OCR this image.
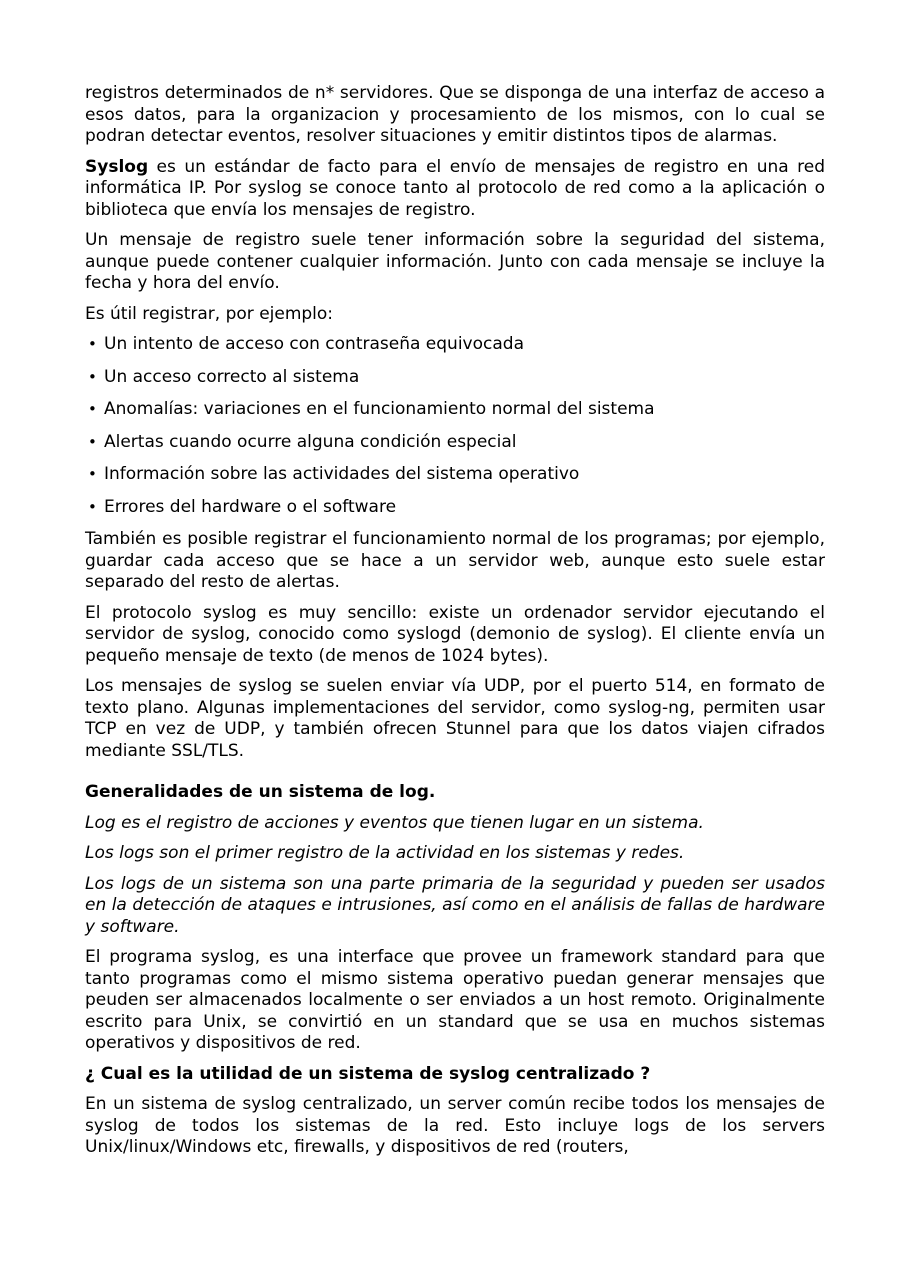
registros determinados de n* servidores. Que se disponga de una interfaz de acceso a esos datos, para la organizacion y procesamiento de los mismos, con lo cual se podran detectar eventos, resolver situaciones y emitir distintos tipos de alarmas.

Syslog es un estándar de facto para el envío de mensajes de registro en una red informática IP. Por syslog se conoce tanto al protocolo de red como a la aplicación o biblioteca que envía los mensajes de registro.

Un mensaje de registro suele tener información sobre la seguridad del sistema, aunque puede contener cualquier información. Junto con cada mensaje se incluye la fecha y hora del envío.

Es útil registrar, por ejemplo:

• Un intento de acceso con contraseña equivocada
• Un acceso correcto al sistema
• Anomalías: variaciones en el funcionamiento normal del sistema
• Alertas cuando ocurre alguna condición especial
• Información sobre las actividades del sistema operativo
• Errores del hardware o el software

También es posible registrar el funcionamiento normal de los programas; por ejemplo, guardar cada acceso que se hace a un servidor web, aunque esto suele estar separado del resto de alertas.

El protocolo syslog es muy sencillo: existe un ordenador servidor ejecutando el servidor de syslog, conocido como syslogd (demonio de syslog). El cliente envía un pequeño mensaje de texto (de menos de 1024 bytes).

Los mensajes de syslog se suelen enviar vía UDP, por el puerto 514, en formato de texto plano. Algunas implementaciones del servidor, como syslog-ng, permiten usar TCP en vez de UDP, y también ofrecen Stunnel para que los datos viajen cifrados mediante SSL/TLS.

Generalidades de un sistema de log.

Log es el registro de acciones y eventos que tienen lugar en un sistema.

Los logs son el primer registro de la actividad en los sistemas y redes.

Los logs de un sistema son una parte primaria de la seguridad y pueden ser usados en la detección de ataques e intrusiones, así como en el análisis de fallas de hardware y software.

El programa syslog, es una interface que provee un framework standard para que tanto programas como el mismo sistema operativo puedan generar mensajes que peuden ser almacenados localmente o ser enviados a un host remoto. Originalmente escrito para Unix, se convirtió en un standard que se usa en muchos sistemas operativos y dispositivos de red.

¿ Cual es la utilidad de un sistema de syslog centralizado ?

En un sistema de syslog centralizado, un server común recibe todos los mensajes de syslog de todos los sistemas de la red. Esto incluye logs de los servers Unix/linux/Windows etc, firewalls, y dispositivos de red (routers,
